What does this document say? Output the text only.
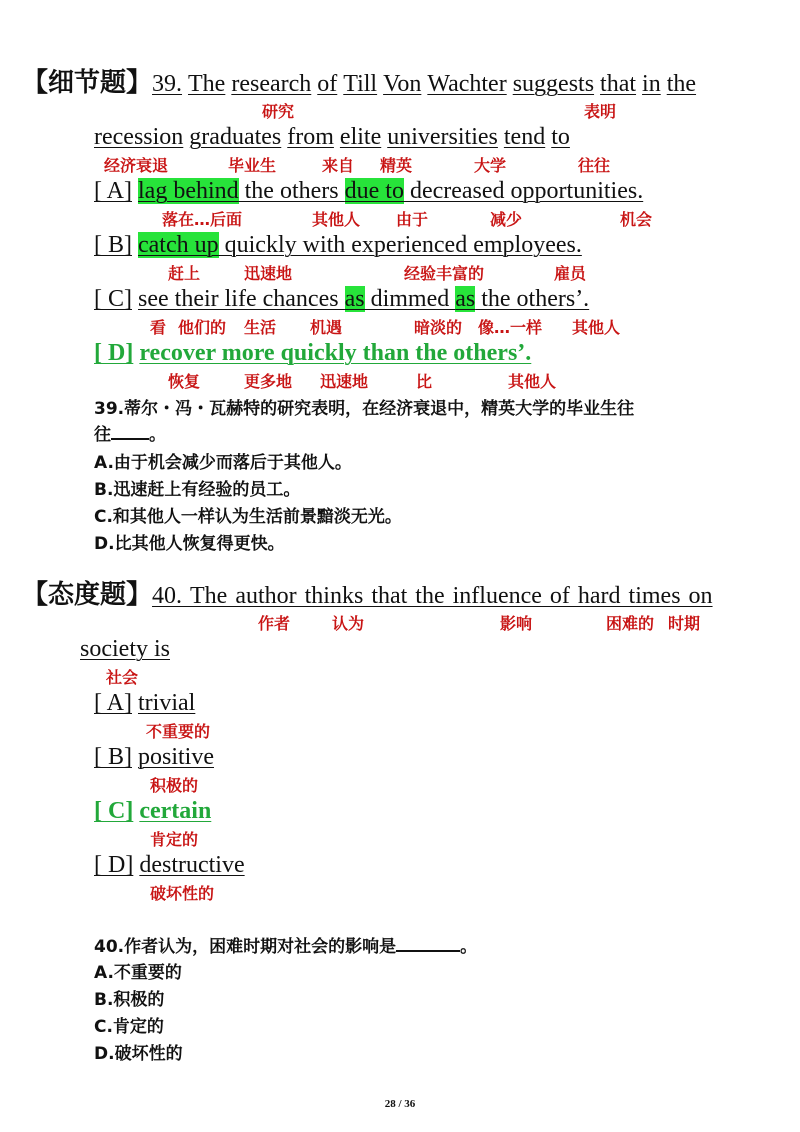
【细节题】39. The research of Till Von Wachter suggests that in the
研究	表明
recession graduates from elite universities tend to
经济衰退	毕业生	来自 精英	大学	往往
[ A] lag behind the others due to decreased opportunities.
落在…后面	其他人 由于	减少	机会
[ B] catch up quickly with experienced employees.
赶上	迅速地	经验丰富的	雇员
[ C] see their life chances as dimmed as the others’.
看 他们的 生活 机遇	暗淡的 像…一样 其他人
[ D] recover more quickly than the others’.
恢复	更多地 迅速地	比	其他人
39.蒂尔・冯・瓦赫特的研究表明，在经济衰退中，精英大学的毕业生往
往 。
A.由于机会减少而落后于其他人。
B.迅速赶上有经验的员工。
C.和其他人一样认为生活前景黯淡无光。
D.比其他人恢复得更快。
【态度题】40. The author thinks that the influence of hard times on
作者	认为	影响	困难的 时期
society is
社会
[ A] trivial
不重要的
[ B] positive
积极的
[ C] certain
肯定的
[ D] destructive
破坏性的
40.作者认为，困难时期对社会的影响是	。
A.不重要的
B.积极的
C.肯定的
D.破坏性的
28 / 36
